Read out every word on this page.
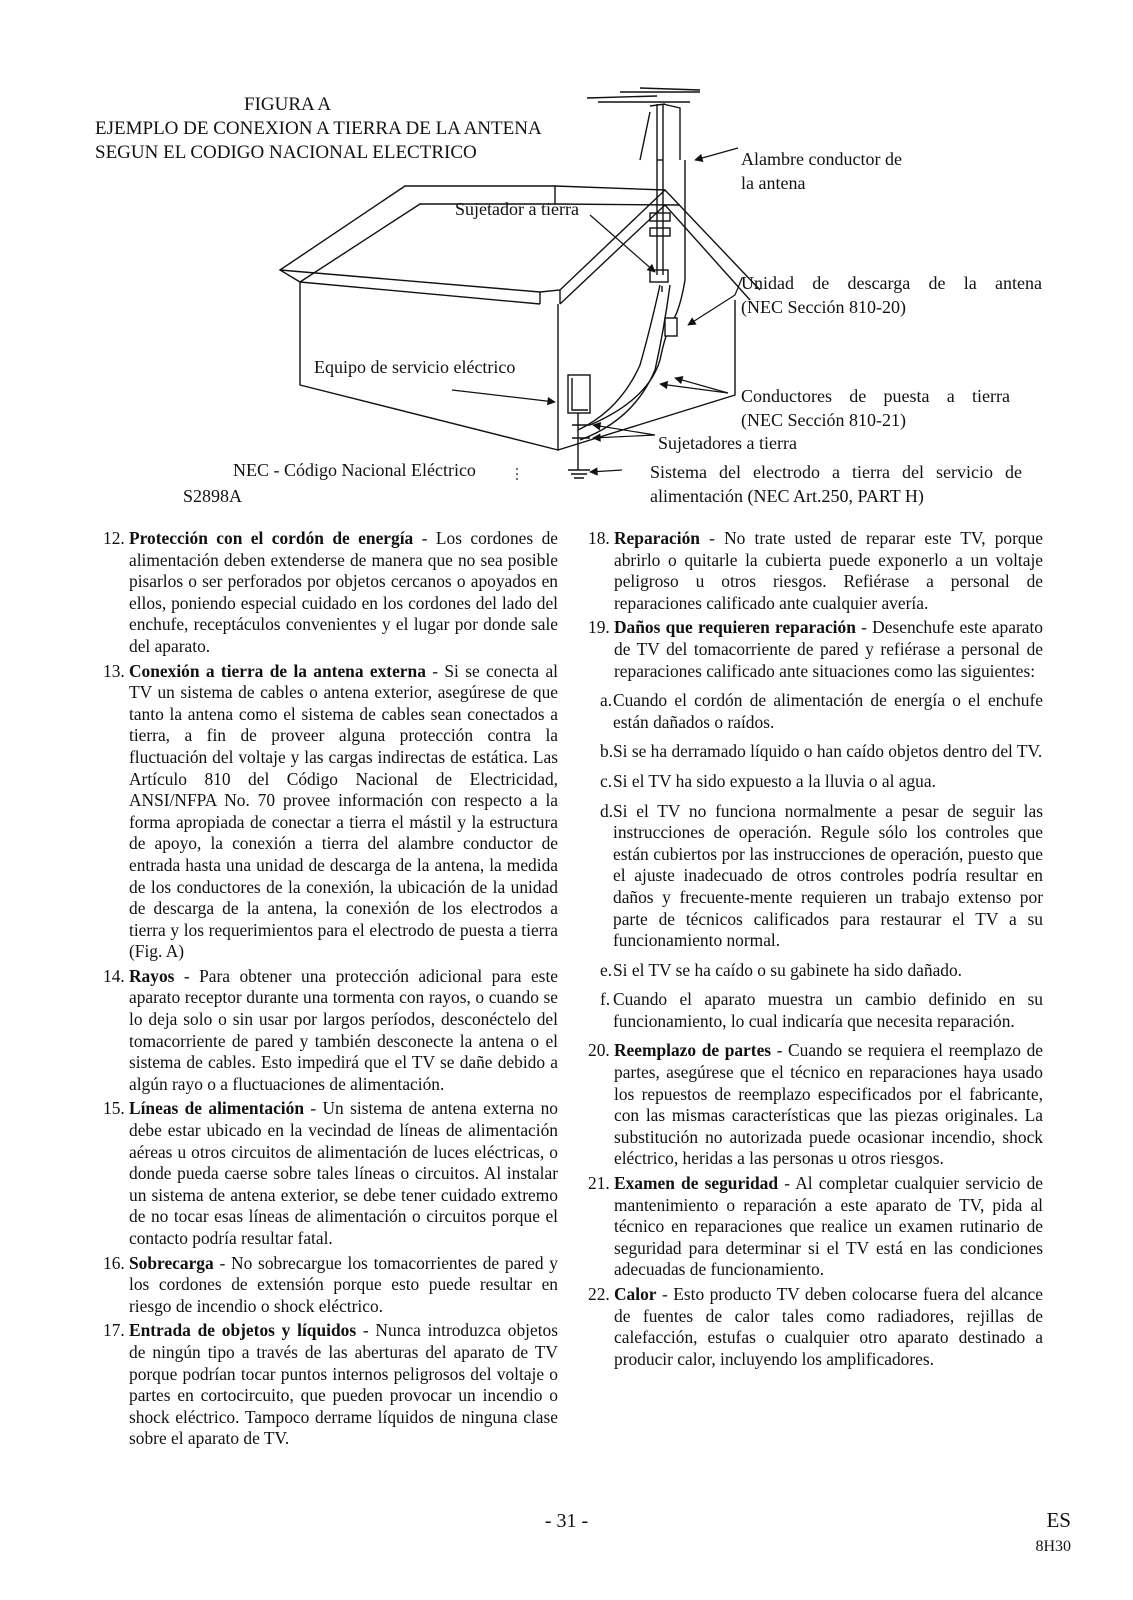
FIGURA A
EJEMPLO DE CONEXION A TIERRA DE LA ANTENA
SEGUN EL CODIGO NACIONAL ELECTRICO	Alambre conductor de
la antena
Sujetador a tierra
Unidad de descarga de la antena
(NEC Sección 810-20)
Equipo de servicio eléctrico
Conductores de puesta a tierra
(NEC Sección 810-21)
Sujetadores a tierra
NEC - Código Nacional Eléctrico	Sistema del electrodo a tierra del servicio de
S2898A	alimentación (NEC Art.250, PART H)
12. Protección con el cordón de energía - Los cordones de alimentación deben extenderse de manera que no sea posible pisarlos o ser perforados por objetos cercanos o apoyados en ellos, poniendo especial cuidado en los cordones del lado del enchufe, receptáculos convenientes y el lugar por donde sale del aparato.
13. Conexión a tierra de la antena externa - Si se conecta al TV un sistema de cables o antena exterior, asegúrese de que tanto la antena como el sistema de cables sean conectados a tierra, a fin de proveer alguna protección contra la fluctuación del voltaje y las cargas indirectas de estática. Las Artículo 810 del Código Nacional de Electricidad, ANSI/NFPA No. 70 provee información con respecto a la forma apropiada de conectar a tierra el mástil y la estructura de apoyo, la conexión a tierra del alambre conductor de entrada hasta una unidad de descarga de la antena, la medida de los conductores de la conexión, la ubicación de la unidad de descarga de la antena, la conexión de los electrodos a tierra y los requerimientos para el electrodo de puesta a tierra (Fig. A)
14. Rayos - Para obtener una protección adicional para este aparato receptor durante una tormenta con rayos, o cuando se lo deja solo o sin usar por largos períodos, desconéctelo del tomacorriente de pared y también desconecte la antena o el sistema de cables. Esto impedirá que el TV se dañe debido a algún rayo o a fluctuaciones de alimentación.
15. Líneas de alimentación - Un sistema de antena externa no debe estar ubicado en la vecindad de líneas de alimentación aéreas u otros circuitos de alimentación de luces eléctricas, o donde pueda caerse sobre tales líneas o circuitos. Al instalar un sistema de antena exterior, se debe tener cuidado extremo de no tocar esas líneas de alimentación o circuitos porque el contacto podría resultar fatal.
16. Sobrecarga - No sobrecargue los tomacorrientes de pared y los cordones de extensión porque esto puede resultar en riesgo de incendio o shock eléctrico.
17. Entrada de objetos y líquidos - Nunca introduzca objetos de ningún tipo a través de las aberturas del aparato de TV porque podrían tocar puntos internos peligrosos del voltaje o partes en cortocircuito, que pueden provocar un incendio o shock eléctrico. Tampoco derrame líquidos de ninguna clase sobre el aparato de TV.
18. Reparación - No trate usted de reparar este TV, porque abrirlo o quitarle la cubierta puede exponerlo a un voltaje peligroso u otros riesgos. Refiérase a personal de reparaciones calificado ante cualquier avería.
19. Daños que requieren reparación - Desenchufe este aparato de TV del tomacorriente de pared y refiérase a personal de reparaciones calificado ante situaciones como las siguientes:
a. Cuando el cordón de alimentación de energía o el enchufe están dañados o raídos.
b. Si se ha derramado líquido o han caído objetos dentro del TV.
c. Si el TV ha sido expuesto a la lluvia o al agua.
d. Si el TV no funciona normalmente a pesar de seguir las instrucciones de operación. Regule sólo los controles que están cubiertos por las instrucciones de operación, puesto que el ajuste inadecuado de otros controles podría resultar en daños y frecuente-mente requieren un trabajo extenso por parte de técnicos calificados para restaurar el TV a su funcionamiento normal.
e. Si el TV se ha caído o su gabinete ha sido dañado.
f. Cuando el aparato muestra un cambio definido en su funcionamiento, lo cual indicaría que necesita reparación.
20. Reemplazo de partes - Cuando se requiera el reemplazo de partes, asegúrese que el técnico en reparaciones haya usado los repuestos de reemplazo especificados por el fabricante, con las mismas características que las piezas originales. La substitución no autorizada puede ocasionar incendio, shock eléctrico, heridas a las personas u otros riesgos.
21. Examen de seguridad - Al completar cualquier servicio de mantenimiento o reparación a este aparato de TV, pida al técnico en reparaciones que realice un examen rutinario de seguridad para determinar si el TV está en las condiciones adecuadas de funcionamiento.
22. Calor - Esto producto TV deben colocarse fuera del alcance de fuentes de calor tales como radiadores, rejillas de calefacción, estufas o cualquier otro aparato destinado a producir calor, incluyendo los amplificadores.
- 31 -	ES
8H30
